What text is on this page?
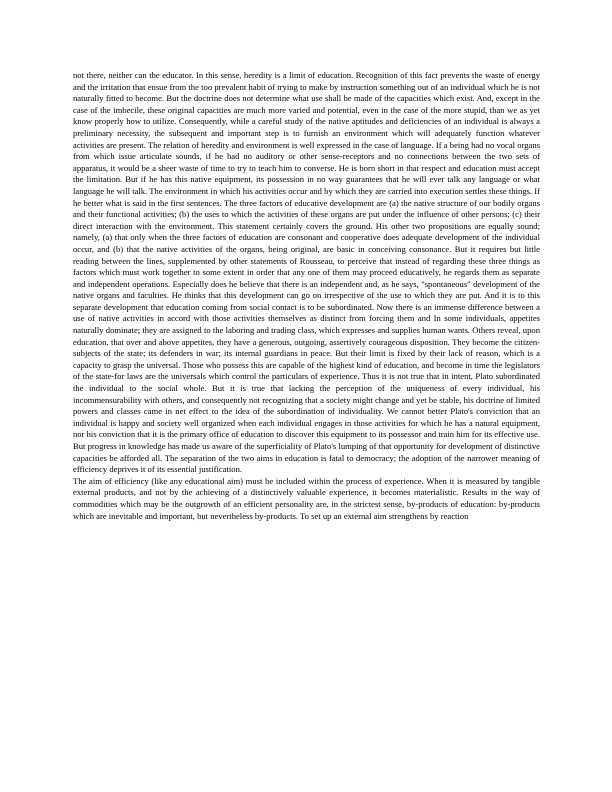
not there, neither can the educator. In this sense, heredity is a limit of education. Recognition of this fact prevents the waste of energy and the irritation that ensue from the too prevalent habit of trying to make by instruction something out of an individual which he is not naturally fitted to become. But the doctrine does not determine what use shall be made of the capacities which exist. And, except in the case of the imbecile, these original capacities are much more varied and potential, even in the case of the more stupid, than we as yet know properly how to utilize. Consequently, while a careful study of the native aptitudes and deficiencies of an individual is always a preliminary necessity, the subsequent and important step is to furnish an environment which will adequately function whatever activities are present. The relation of heredity and environment is well expressed in the case of language. If a being had no vocal organs from which issue articulate sounds, if he had no auditory or other sense-receptors and no connections between the two sets of apparatus, it would be a sheer waste of time to try to teach him to converse. He is born short in that respect and education must accept the limitation. But if he has this native equipment, its possession in no way guarantees that he will ever talk any language or what language he will talk. The environment in which his activities occur and by which they are carried into execution settles these things. If he better what is said in the first sentences. The three factors of educative development are (a) the native structure of our bodily organs and their functional activities; (b) the uses to which the activities of these organs are put under the influence of other persons; (c) their direct interaction with the environment. This statement certainly covers the ground. His other two propositions are equally sound; namely, (a) that only when the three factors of education are consonant and cooperative does adequate development of the individual occur, and (b) that the native activities of the organs, being original, are basic in conceiving consonance. But it requires but little reading between the lines, supplemented by other statements of Rousseau, to perceive that instead of regarding these three things as factors which must work together to some extent in order that any one of them may proceed educatively, he regards them as separate and independent operations. Especially does he believe that there is an independent and, as he says, "spontaneous" development of the native organs and faculties. He thinks that this development can go on irrespective of the use to which they are put. And it is to this separate development that education coming from social contact is to be subordinated. Now there is an immense difference between a use of native activities in accord with those activities themselves as distinct from forcing them and In some individuals, appetites naturally dominate; they are assigned to the laboring and trading class, which expresses and supplies human wants. Others reveal, upon education, that over and above appetites, they have a generous, outgoing, assertively courageous disposition. They become the citizen-subjects of the state; its defenders in war; its internal guardians in peace. But their limit is fixed by their lack of reason, which is a capacity to grasp the universal. Those who possess this are capable of the highest kind of education, and become in time the legislators of the state-for laws are the universals which control the particulars of experience. Thus it is not true that in intent, Plato subordinated the individual to the social whole. But it is true that lacking the perception of the uniqueness of every individual, his incommensurability with others, and consequently not recognizing that a society might change and yet be stable, his doctrine of limited powers and classes came in net effect to the idea of the subordination of individuality. We cannot better Plato's conviction that an individual is happy and society well organized when each individual engages in those activities for which he has a natural equipment, nor his conviction that it is the primary office of education to discover this equipment to its possessor and train him for its effective use. But progress in knowledge has made us aware of the superficiality of Plato's lumping of that opportunity for development of distinctive capacities be afforded all. The separation of the two aims in education is fatal to democracy; the adoption of the narrower meaning of efficiency deprives it of its essential justification.

The aim of efficiency (like any educational aim) must be included within the process of experience. When it is measured by tangible external products, and not by the achieving of a distinctively valuable experience, it becomes materialistic. Results in the way of commodities which may be the outgrowth of an efficient personality are, in the strictest sense, by-products of education: by-products which are inevitable and important, but nevertheless by-products. To set up an external aim strengthens by reaction
